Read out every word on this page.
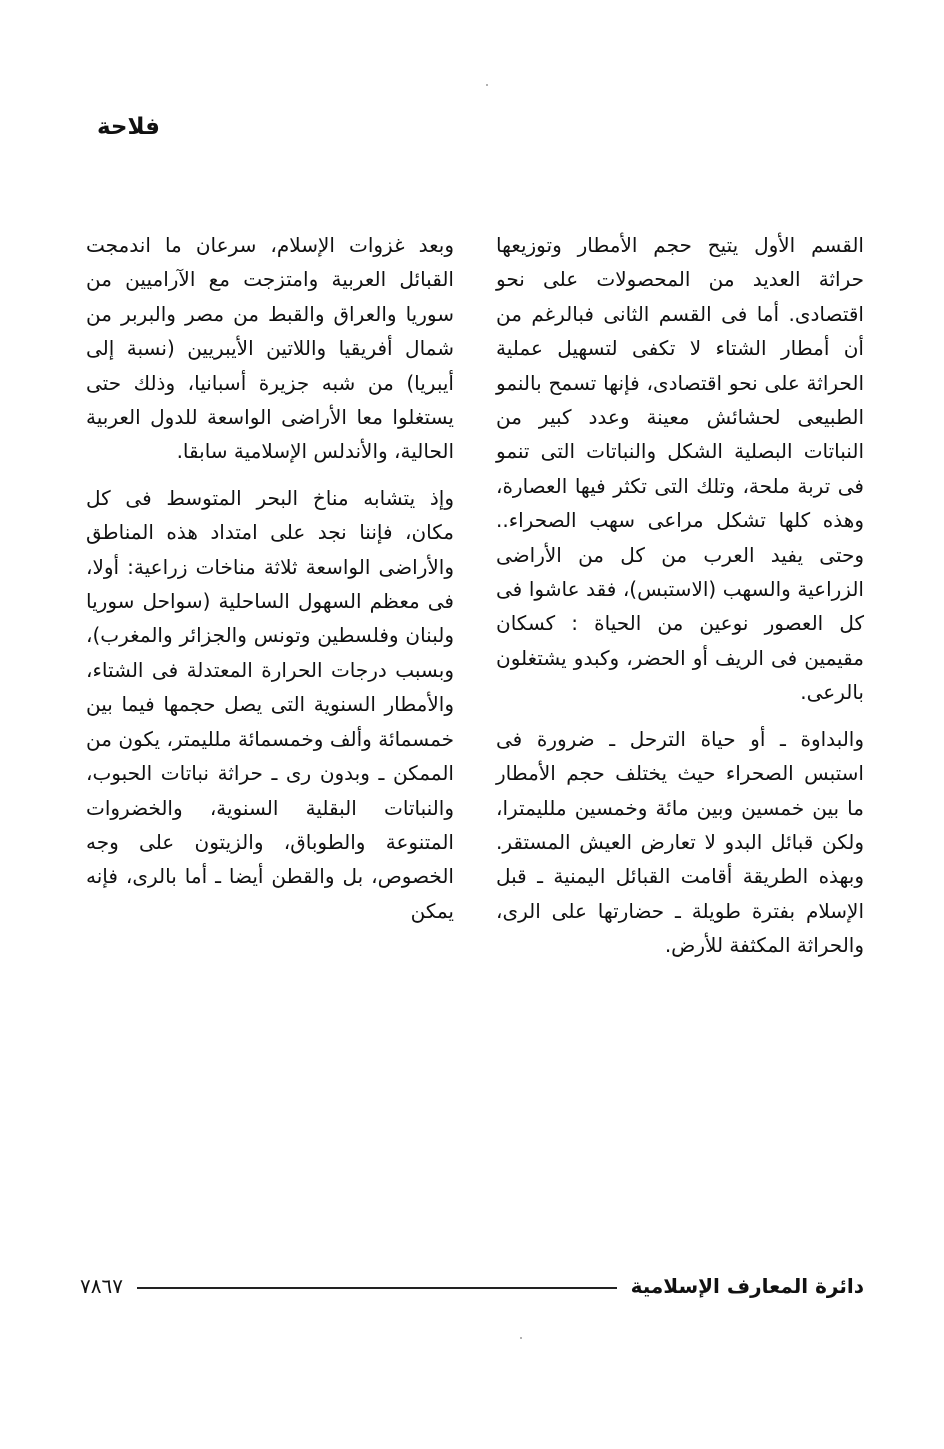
فلاحة

القسم الأول يتيح حجم الأمطار وتوزيعها حراثة العديد من المحصولات على نحو اقتصادى. أما فى القسم الثانى فبالرغم من أن أمطار الشتاء لا تكفى لتسهيل عملية الحراثة على نحو اقتصادى، فإنها تسمح بالنمو الطبيعى لحشائش معينة وعدد كبير من النباتات البصلية الشكل والنباتات التى تنمو فى تربة ملحة، وتلك التى تكثر فيها العصارة، وهذه كلها تشكل مراعى سهب الصحراء.. وحتى يفيد العرب من كل من الأراضى الزراعية والسهب (الاستبس)، فقد عاشوا فى كل العصور نوعين من الحياة : كسكان مقيمين فى الريف أو الحضر، وكبدو يشتغلون بالرعى.

والبداوة ـ أو حياة الترحل ـ ضرورة فى استبس الصحراء حيث يختلف حجم الأمطار ما بين خمسين وبين مائة وخمسين ملليمترا، ولكن قبائل البدو لا تعارض العيش المستقر. وبهذه الطريقة أقامت القبائل اليمنية ـ قبل الإسلام بفترة طويلة ـ حضارتها على الرى، والحراثة المكثفة للأرض.

وبعد غزوات الإسلام، سرعان ما اندمجت القبائل العربية وامتزجت مع الآراميين من سوريا والعراق والقبط من مصر والبربر من شمال أفريقيا واللاتين الأيبريين (نسبة إلى أيبريا) من شبه جزيرة أسبانيا، وذلك حتى يستغلوا معا الأراضى الواسعة للدول العربية الحالية، والأندلس الإسلامية سابقا.

وإذ يتشابه مناخ البحر المتوسط فى كل مكان، فإننا نجد على امتداد هذه المناطق والأراضى الواسعة ثلاثة مناخات زراعية: أولا، فى معظم السهول الساحلية (سواحل سوريا ولبنان وفلسطين وتونس والجزائر والمغرب)، وبسبب درجات الحرارة المعتدلة فى الشتاء، والأمطار السنوية التى يصل حجمها فيما بين خمسمائة وألف وخمسمائة ملليمتر، يكون من الممكن ـ وبدون رى ـ حراثة نباتات الحبوب، والنباتات البقلية السنوية، والخضروات المتنوعة والطوباق، والزيتون على وجه الخصوص، بل والقطن أيضا ـ أما بالرى، فإنه يمكن

دائرة المعارف الإسلامية
٧٨٦٧
